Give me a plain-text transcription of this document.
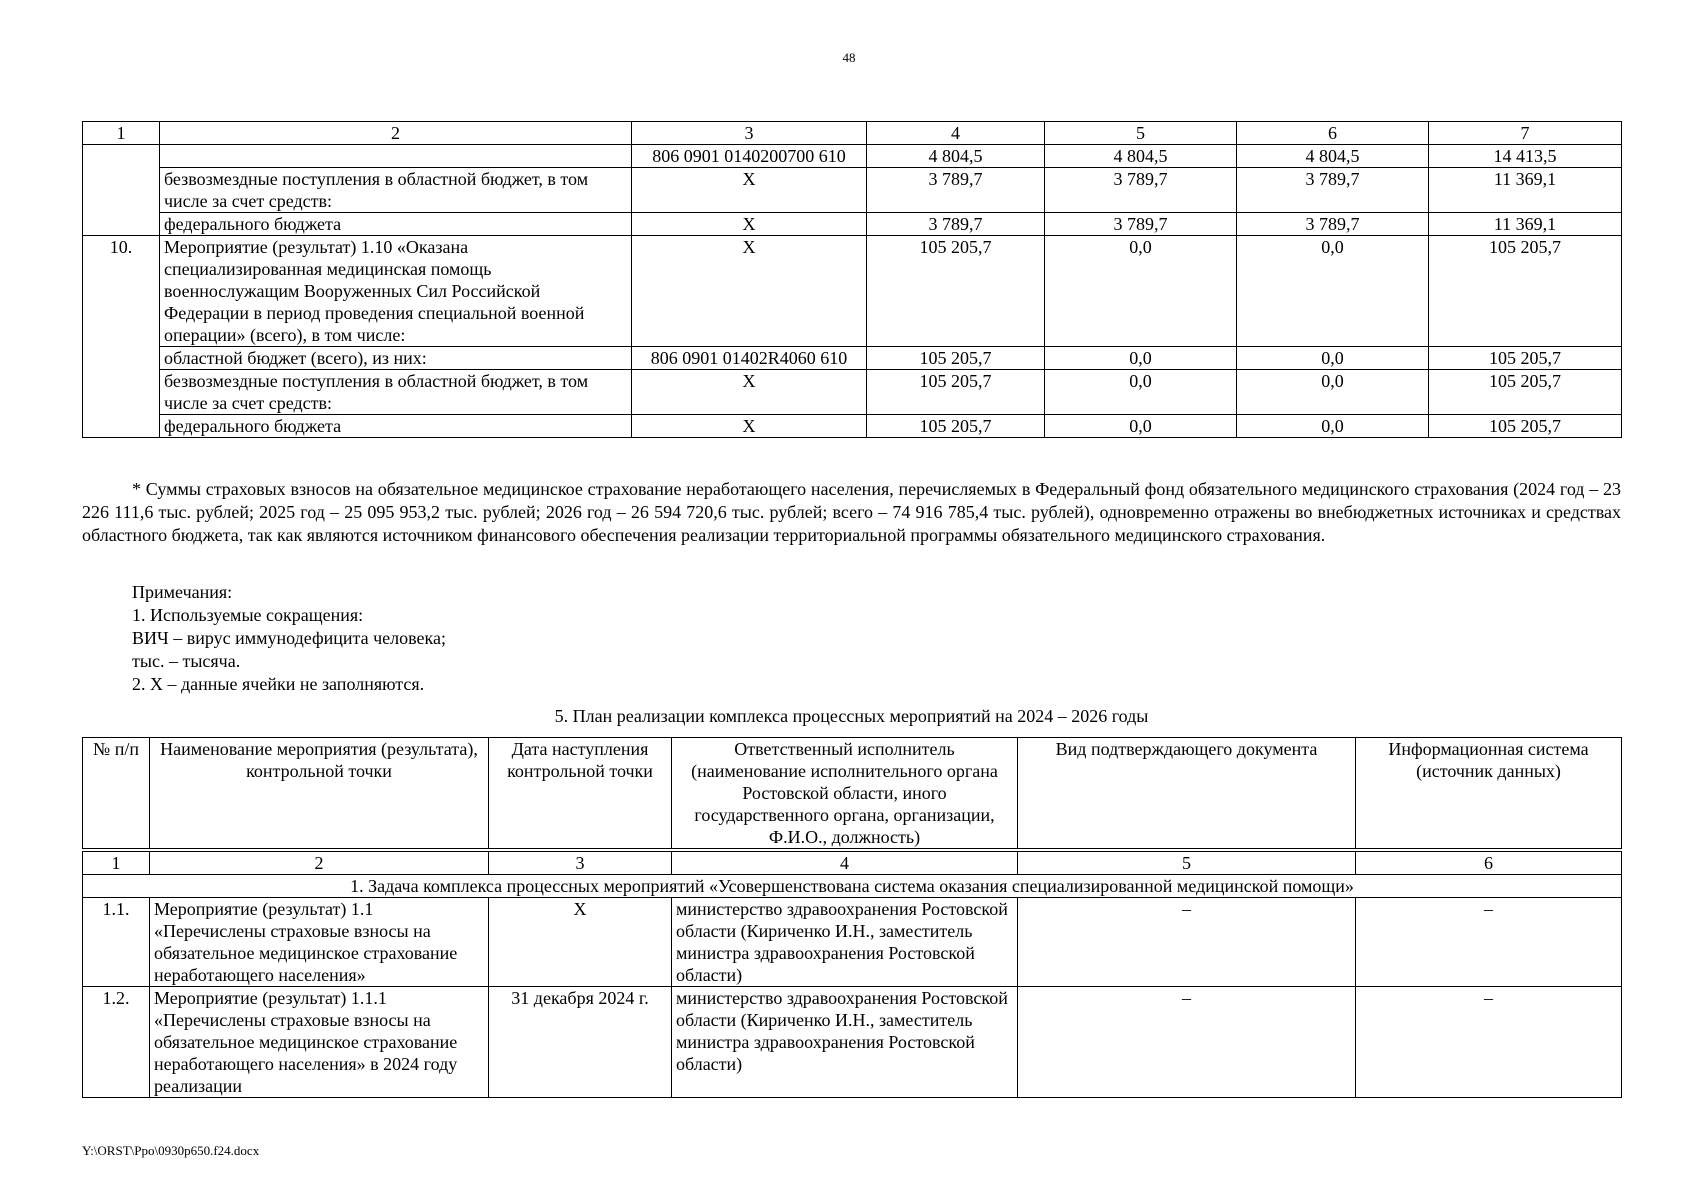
48
1	2	3	4	5	6	7
		806 0901 0140200700 610	4 804,5	4 804,5	4 804,5	14 413,5
	безвозмездные поступления в областной бюджет, в том числе за счет средств:	X	3 789,7	3 789,7	3 789,7	11 369,1
	федерального бюджета	X	3 789,7	3 789,7	3 789,7	11 369,1
10.	Мероприятие (результат) 1.10 «Оказана специализированная медицинская помощь военнослужащим Вооруженных Сил Российской Федерации в период проведения специальной военной операции» (всего), в том числе:	X	105 205,7	0,0	0,0	105 205,7
	областной бюджет (всего), из них:	806 0901 01402R4060 610	105 205,7	0,0	0,0	105 205,7
	безвозмездные поступления в областной бюджет, в том числе за счет средств:	X	105 205,7	0,0	0,0	105 205,7
	федерального бюджета	X	105 205,7	0,0	0,0	105 205,7

* Суммы страховых взносов на обязательное медицинское страхование неработающего населения, перечисляемых в Федеральный фонд обязательного медицинского страхования (2024 год – 23 226 111,6 тыс. рублей; 2025 год – 25 095 953,2 тыс. рублей; 2026 год – 26 594 720,6 тыс. рублей; всего – 74 916 785,4 тыс. рублей), одновременно отражены во внебюджетных источниках и средствах областного бюджета, так как являются источником финансового обеспечения реализации территориальной программы обязательного медицинского страхования.

Примечания:
1. Используемые сокращения:
ВИЧ – вирус иммунодефицита человека;
тыс. – тысяча.
2. X – данные ячейки не заполняются.
5. План реализации комплекса процессных мероприятий на 2024 – 2026 годы
№ п/п	Наименование мероприятия (результата), контрольной точки	Дата наступления контрольной точки	Ответственный исполнитель (наименование исполнительного органа Ростовской области, иного государственного органа, организации, Ф.И.О., должность)	Вид подтверждающего документа	Информационная система (источник данных)
1	2	3	4	5	6
1. Задача комплекса процессных мероприятий «Усовершенствована система оказания специализированной медицинской помощи»					
1.1.	Мероприятие (результат) 1.1 «Перечислены страховые взносы на обязательное медицинское страхование неработающего населения»	X	министерство здравоохранения Ростовской области (Кириченко И.Н., заместитель министра здравоохранения Ростовской области)	–	–
1.2.	Мероприятие (результат) 1.1.1 «Перечислены страховые взносы на обязательное медицинское страхование неработающего населения» в 2024 году реализации	31 декабря 2024 г.	министерство здравоохранения Ростовской области (Кириченко И.Н., заместитель министра здравоохранения Ростовской области)	–	–
Y:\ORST\Ppo\0930p650.f24.docx
